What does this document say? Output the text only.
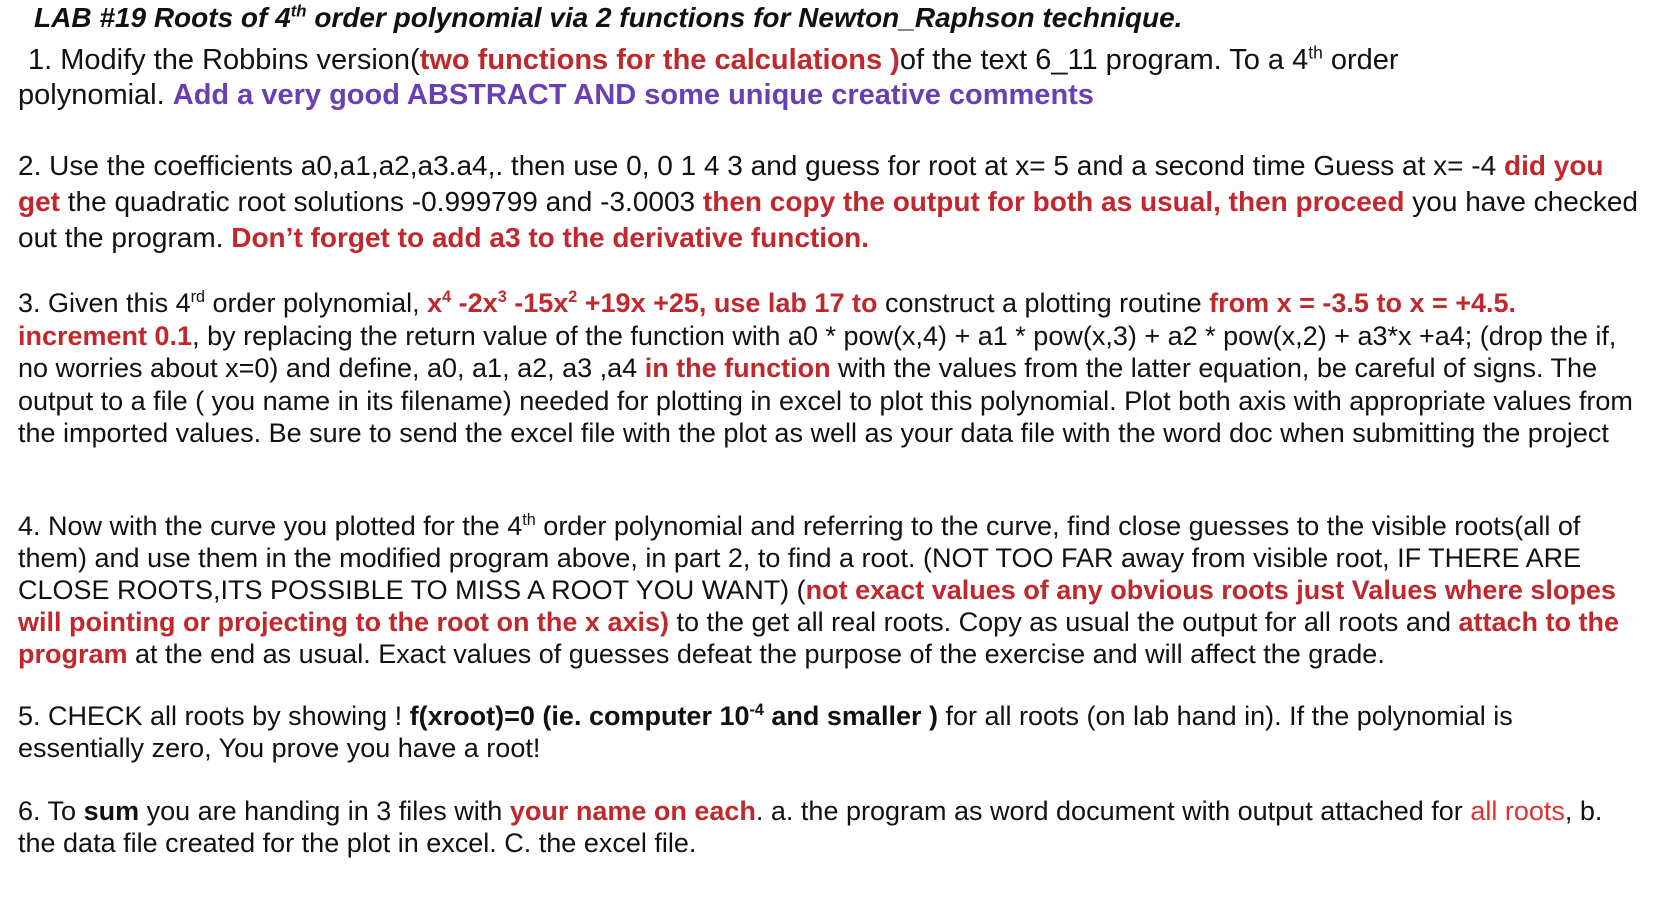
LAB #19 Roots of 4th order polynomial via 2 functions for Newton_Raphson technique.
1. Modify the Robbins version(two functions for the calculations )of the text 6_11 program. To a 4th order
polynomial. Add a very good ABSTRACT AND some unique creative comments
2. Use the coefficients a0,a1,a2,a3.a4,. then use 0, 0 1 4 3 and guess for root at x= 5 and a second time Guess at x= -4 did you get the quadratic root solutions -0.999799 and -3.0003 then copy the output for both as usual, then proceed you have checked out the program. Don’t forget to add a3 to the derivative function.
3. Given this 4rd order polynomial, $x^4$ $-2x^3$ $-15x^2 +19x +25$, use lab 17 to construct a plotting routine from x = -3.5 to x = +4.5. increment 0.1, by replacing the return value of the function with a0 * pow(x,4) + a1 * pow(x,3) + a2 * pow(x,2) + a3*x +a4; (drop the if, no worries about x=0) and define, a0, a1, a2, a3 ,a4 in the function with the values from the latter equation, be careful of signs. The output to a file ( you name in its filename) needed for plotting in excel to plot this polynomial. Plot both axis with appropriate values from the imported values. Be sure to send the excel file with the plot as well as your data file with the word doc when submitting the project
4. Now with the curve you plotted for the 4th order polynomial and referring to the curve, find close guesses to the visible roots(all of them) and use them in the modified program above, in part 2, to find a root. (NOT TOO FAR away from visible root, IF THERE ARE CLOSE ROOTS,ITS POSSIBLE TO MISS A ROOT YOU WANT) (not exact values of any obvious roots just Values where slopes will pointing or projecting to the root on the x axis) to the get all real roots. Copy as usual the output for all roots and attach to the program at the end as usual. Exact values of guesses defeat the purpose of the exercise and will affect the grade.
5. CHECK all roots by showing ! f(xroot)=0 (ie. computer $10^{-4}$ and smaller ) for all roots (on lab hand in). If the polynomial is essentially zero, You prove you have a root!
6. To sum you are handing in 3 files with your name on each. a. the program as word document with output attached for all roots, b. the data file created for the plot in excel. C. the excel file.
